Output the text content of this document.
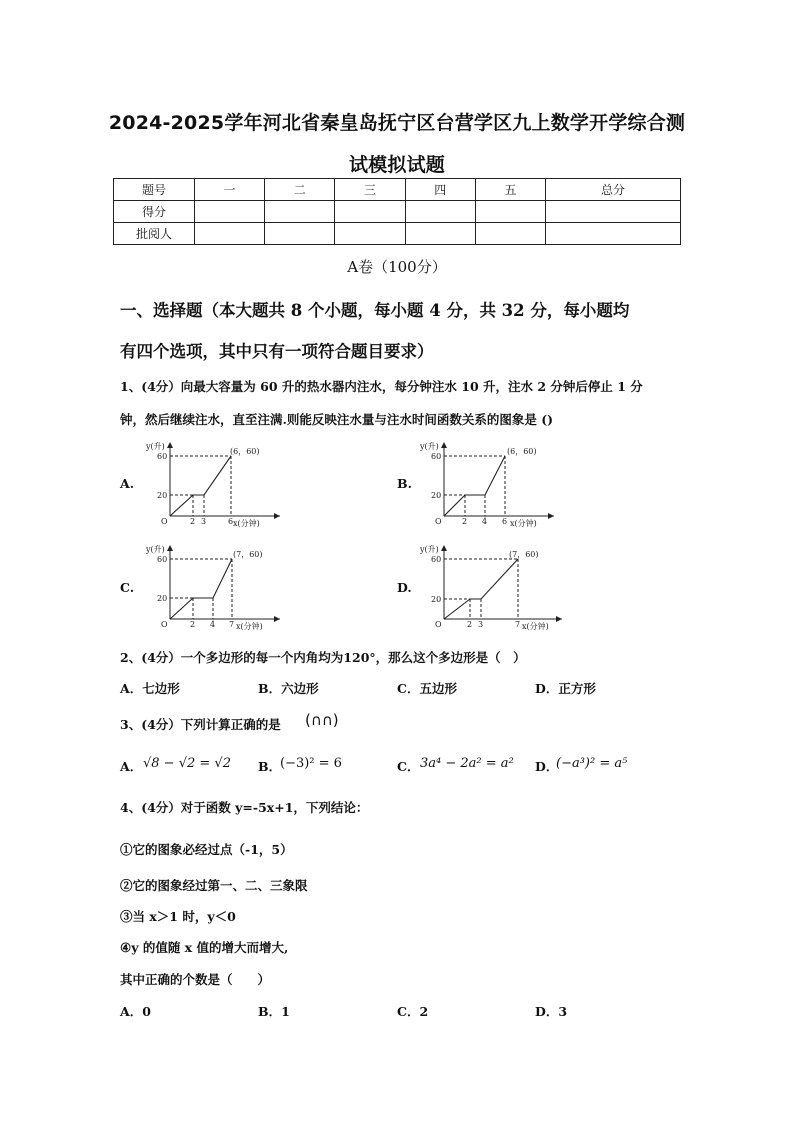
2024-2025学年河北省秦皇岛抚宁区台营学区九上数学开学综合测
试模拟试题
题号	一	二	三	四	五	总分
得分						
批阅人						
A卷（100分）
一、选择题（本大题共 8 个小题，每小题 4 分，共 32 分，每小题均
有四个选项，其中只有一项符合题目要求）
1、(4分）向最大容量为 60 升的热水器内注水，每分钟注水 10 升，注水 2 分钟后停止 1 分
钟，然后继续注水，直至注满.则能反映注水量与注水时间函数关系的图象是 ()
A.	B.
C.	D.
y(升)
x(分钟)
O
20
60
2 3	6
(6，60)
y(升)
x(分钟)
O
20
60
2 4 6
(6，60)
y(升)
x(分钟)
O
20
60
2 4 7
(7，60)
y(升)
x(分钟)
O
20
60
2 3	7
(7，60)
2、(4分）一个多边形的每一个内角均为120°，那么这个多边形是（　）
A．七边形	B．六边形	C．五边形	D．正方形
3、(4分）下列计算正确的是 (∩∩)
A． √8 − √2 = √2 B．
(−3)² = 6	C． 3a⁴ − 2a² = a² D．
(−a³)² = a⁵
4、(4分）对于函数 y=-5x+1，下列结论：
①它的图象必经过点（-1，5）
②它的图象经过第一、二、三象限
③当 x＞1 时，y＜0
④y 的值随 x 值的增大而增大,
其中正确的个数是（　　）
A．0	B．1	C．2	D．3
